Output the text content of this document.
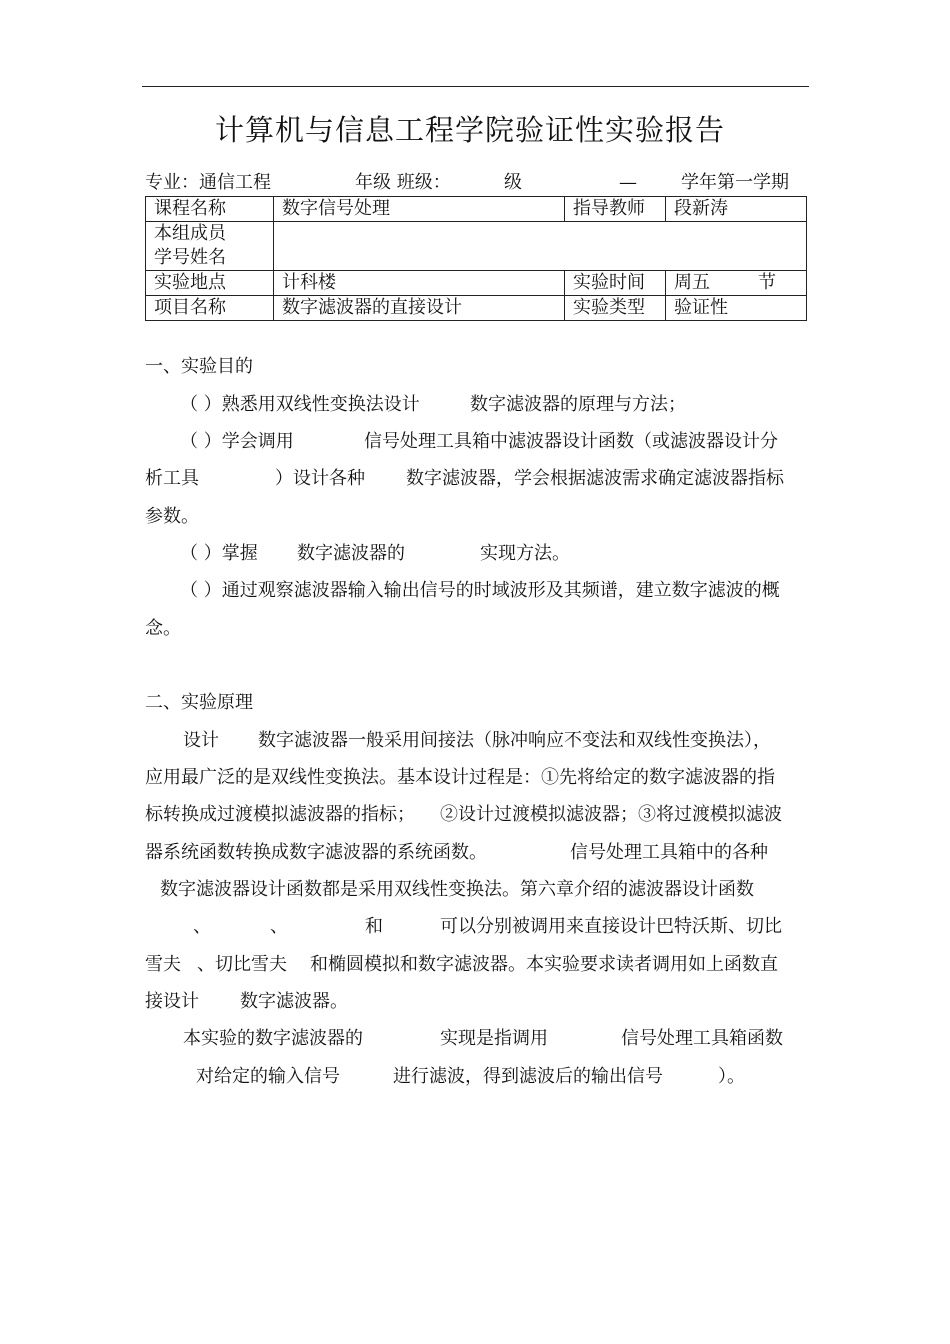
计算机与信息工程学院验证性实验报告
专业：通信工程	年级 班级：	级	— 学年第一学期
课程名称	数字信号处理	指导教师	段新涛

本组成员
学号姓名			

实验地点	计科楼	实验时间	周五 节
项目名称	数字滤波器的直接设计	实验类型	验证性
一、实验目的
（ ）熟悉用双线性变换法设计	数字滤波器的原理与方法；
（ ）学会调用	信号处理工具箱中滤波器设计函数（或滤波器设计分
析工具	）设计各种 数字滤波器，学会根据滤波需求确定滤波器指标
参数。
（ ）掌握 数字滤波器的	实现方法。
（ ）通过观察滤波器输入输出信号的时域波形及其频谱，建立数字滤波的概
念。
二、实验原理
设计 数字滤波器一般采用间接法（脉冲响应不变法和双线性变换法），
应用最广泛的是双线性变换法。基本设计过程是：①先将给定的数字滤波器的指
标转换成过渡模拟滤波器的指标； ②设计过渡模拟滤波器；③将过渡模拟滤波
器系统函数转换成数字滤波器的系统函数。	信号处理工具箱中的各种
数字滤波器设计函数都是采用双线性变换法。第六章介绍的滤波器设计函数
、	、	和	可以分别被调用来直接设计巴特沃斯、切比
雪夫 、切比雪夫 和椭圆模拟和数字滤波器。本实验要求读者调用如上函数直
接设计 数字滤波器。
本实验的数字滤波器的	实现是指调用	信号处理工具箱函数
对给定的输入信号	进行滤波，得到滤波后的输出信号	）。
